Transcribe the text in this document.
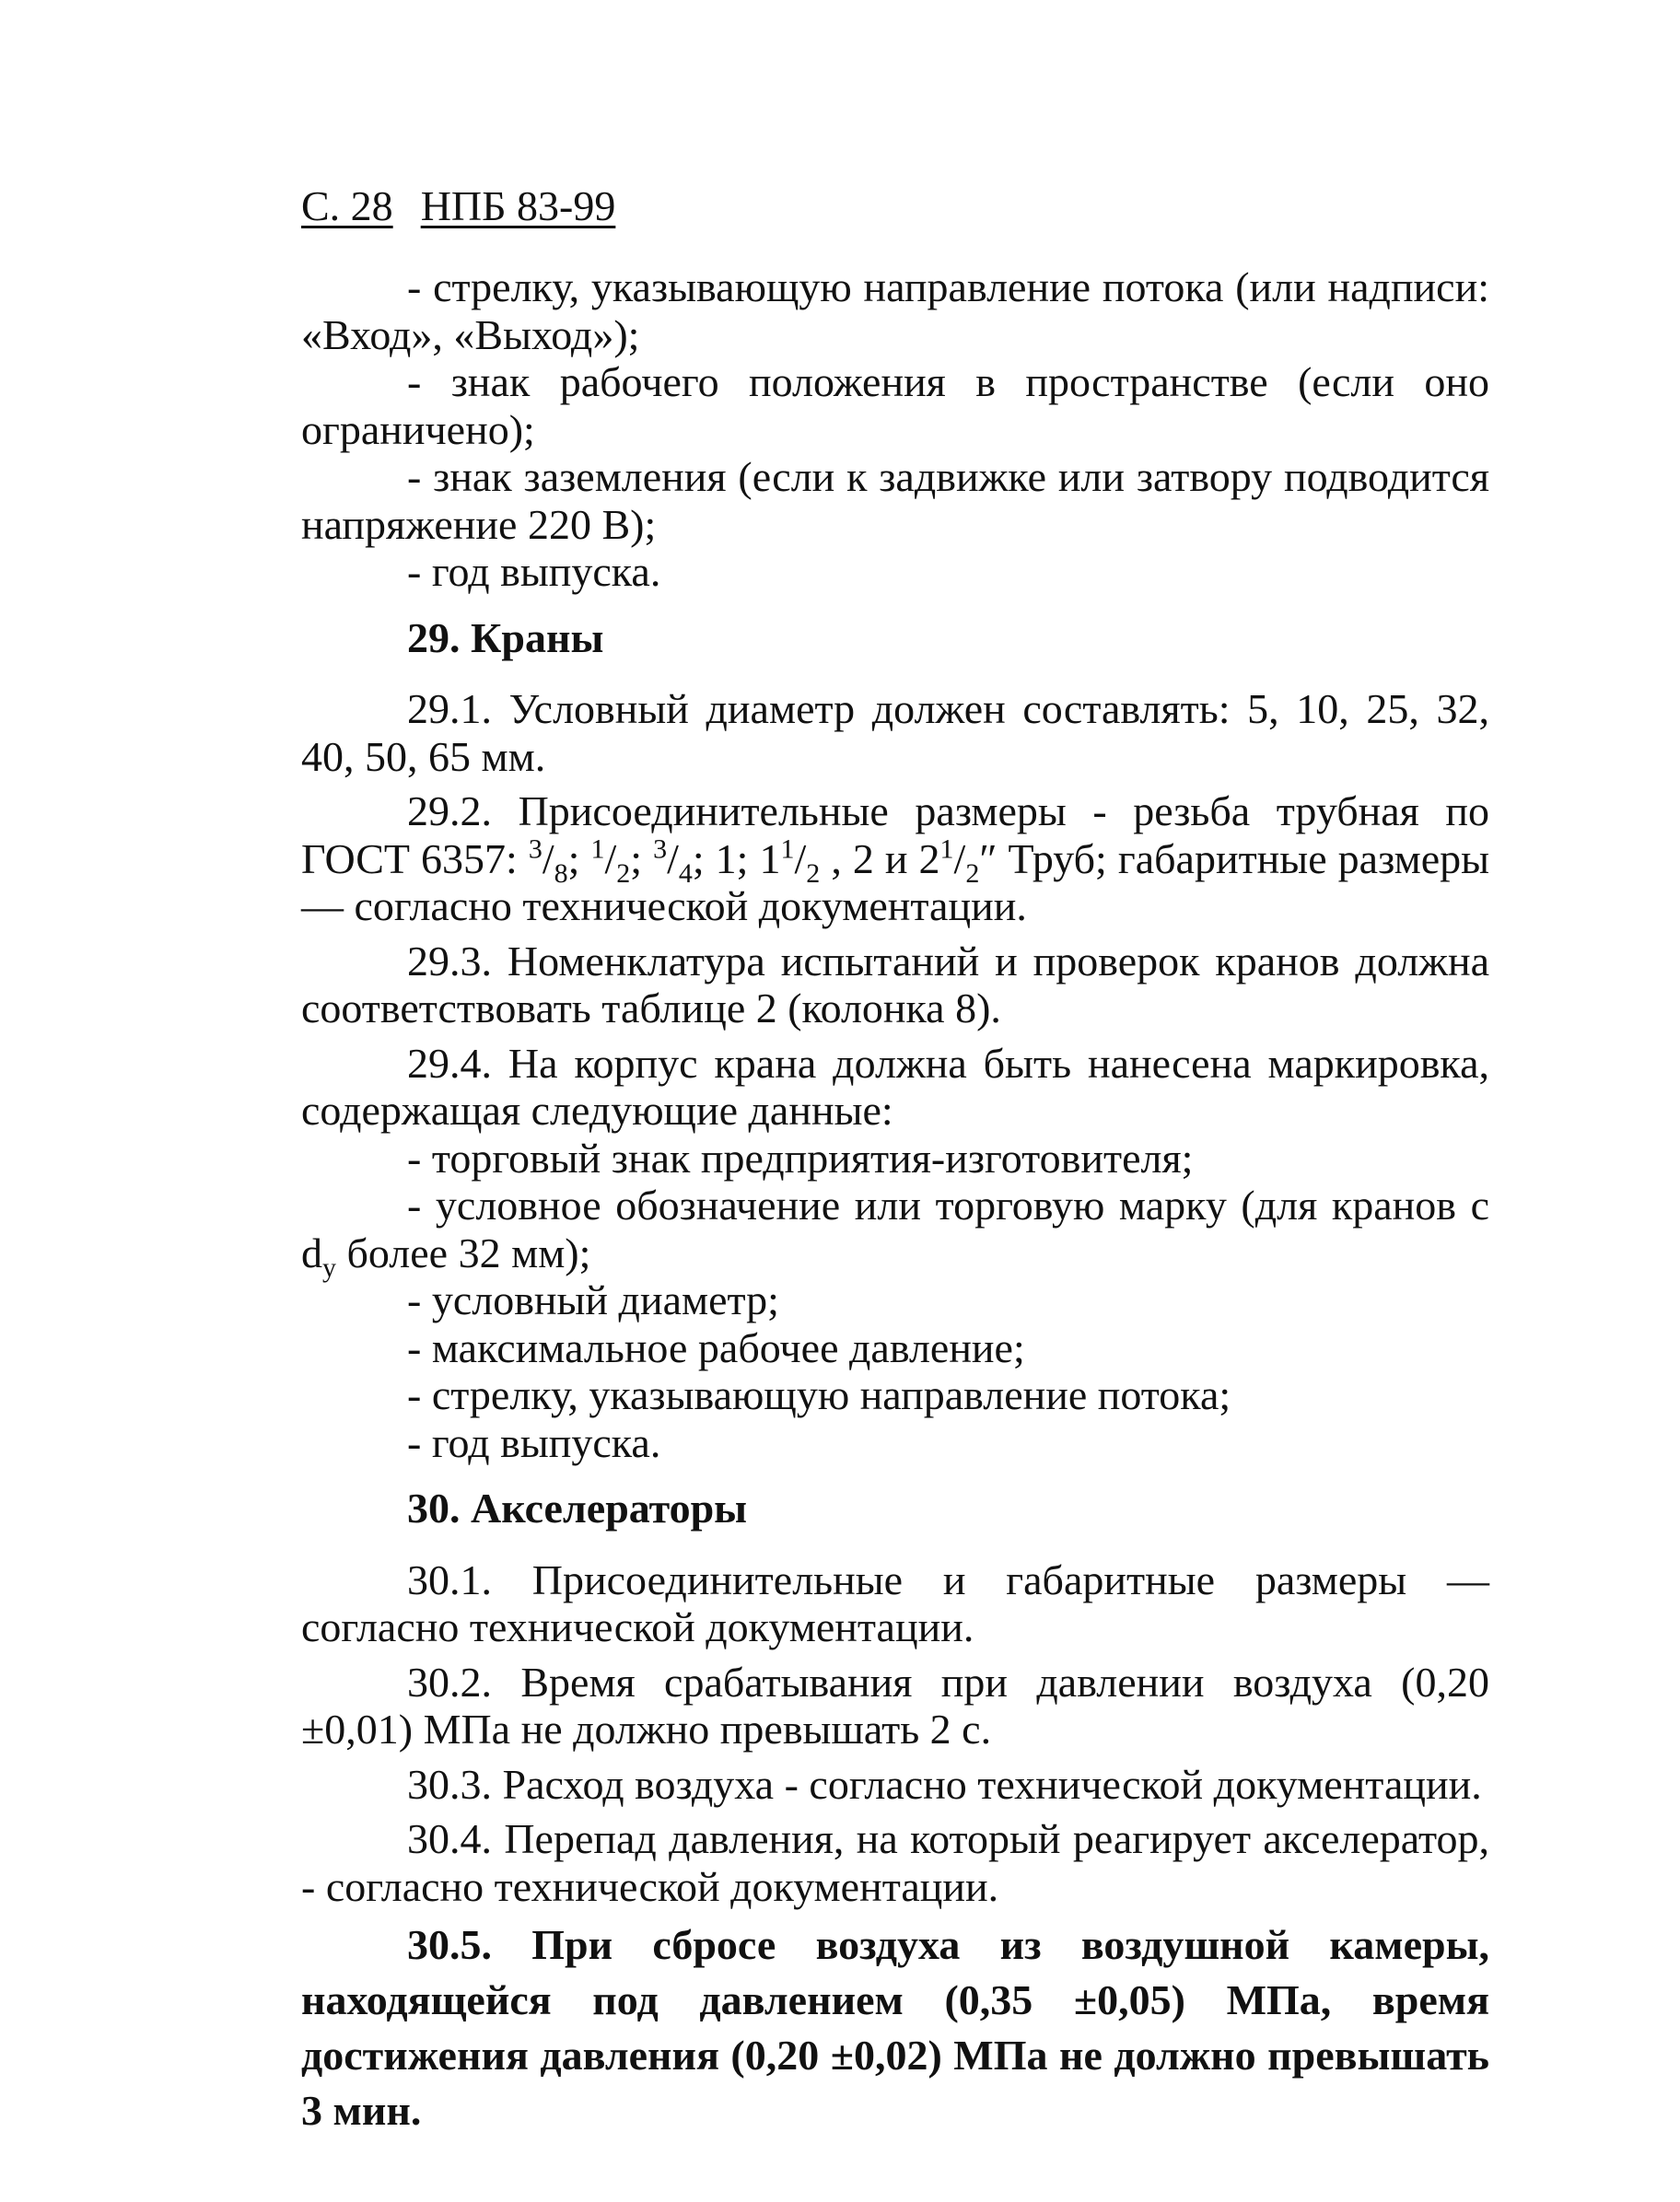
С. 28 НПБ 83-99

- стрелку, указывающую направление потока (или надписи: «Вход», «Выход»);

- знак рабочего положения в пространстве (если оно ограничено);

- знак заземления (если к задвижке или затвору подводится напряжение 220 В);

- год выпуска.

29. Краны

29.1. Условный диаметр должен составлять: 5, 10, 25, 32, 40, 50, 65 мм.

29.2. Присоединительные размеры - резьба трубная по ГОСТ 6357: $^3/_8$; $^1/_2$; $^3/_4$; 1; $1^1/_2$ , 2 и $2^1/_2''$ Труб; габаритные размеры — согласно технической документации.

29.3. Номенклатура испытаний и проверок кранов должна соответствовать таблице 2 (колонка 8).

29.4. На корпус крана должна быть нанесена маркировка, содержащая следующие данные:

- торговый знак предприятия-изготовителя;

- условное обозначение или торговую марку (для кранов с $d_y$ более 32 мм);

- условный диаметр;

- максимальное рабочее давление;

- стрелку, указывающую направление потока;

- год выпуска.

30. Акселераторы

30.1. Присоединительные и габаритные размеры — согласно технической документации.

30.2. Время срабатывания при давлении воздуха (0,20 ±0,01) МПа не должно превышать 2 с.

30.3. Расход воздуха - согласно технической документации.

30.4. Перепад давления, на который реагирует акселератор, - согласно технической документации.

30.5. При сбросе воздуха из воздушной камеры, находящейся под давлением (0,35 ±0,05) МПа, время достижения давления (0,20 ±0,02) МПа не должно превышать 3 мин.
